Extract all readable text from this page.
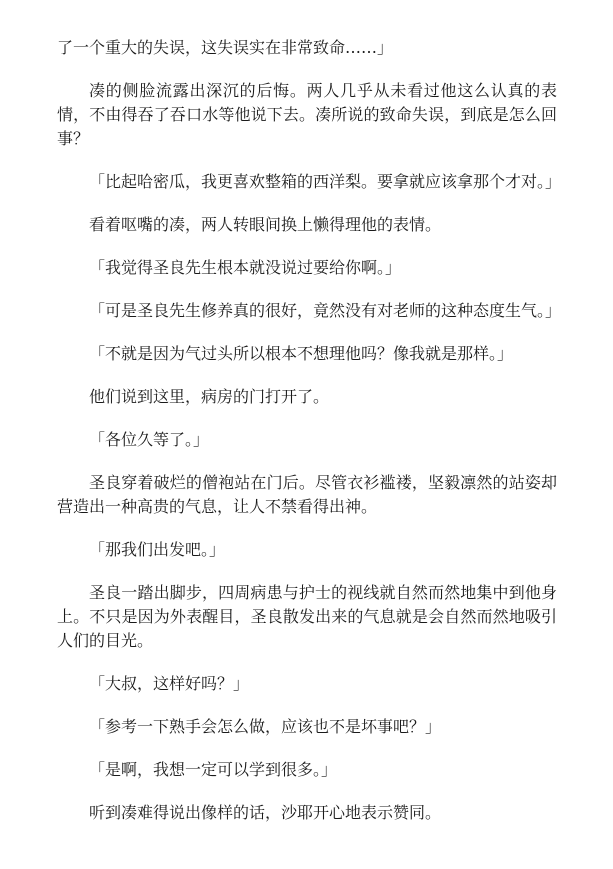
了一个重大的失误，这失误实在非常致命……」

凑的侧脸流露出深沉的后悔。两人几乎从未看过他这么认真的表情，不由得吞了吞口水等他说下去。凑所说的致命失误，到底是怎么回事？

「比起哈密瓜，我更喜欢整箱的西洋梨。要拿就应该拿那个才对。」

看着呕嘴的凑，两人转眼间换上懒得理他的表情。

「我觉得圣良先生根本就没说过要给你啊。」

「可是圣良先生修养真的很好，竟然没有对老师的这种态度生气。」

「不就是因为气过头所以根本不想理他吗？像我就是那样。」

他们说到这里，病房的门打开了。

「各位久等了。」

圣良穿着破烂的僧袍站在门后。尽管衣衫褴褛，坚毅凛然的站姿却营造出一种高贵的气息，让人不禁看得出神。

「那我们出发吧。」

圣良一踏出脚步，四周病患与护士的视线就自然而然地集中到他身上。不只是因为外表醒目，圣良散发出来的气息就是会自然而然地吸引人们的目光。

「大叔，这样好吗？」

「参考一下熟手会怎么做，应该也不是坏事吧？」

「是啊，我想一定可以学到很多。」

听到凑难得说出像样的话，沙耶开心地表示赞同。
